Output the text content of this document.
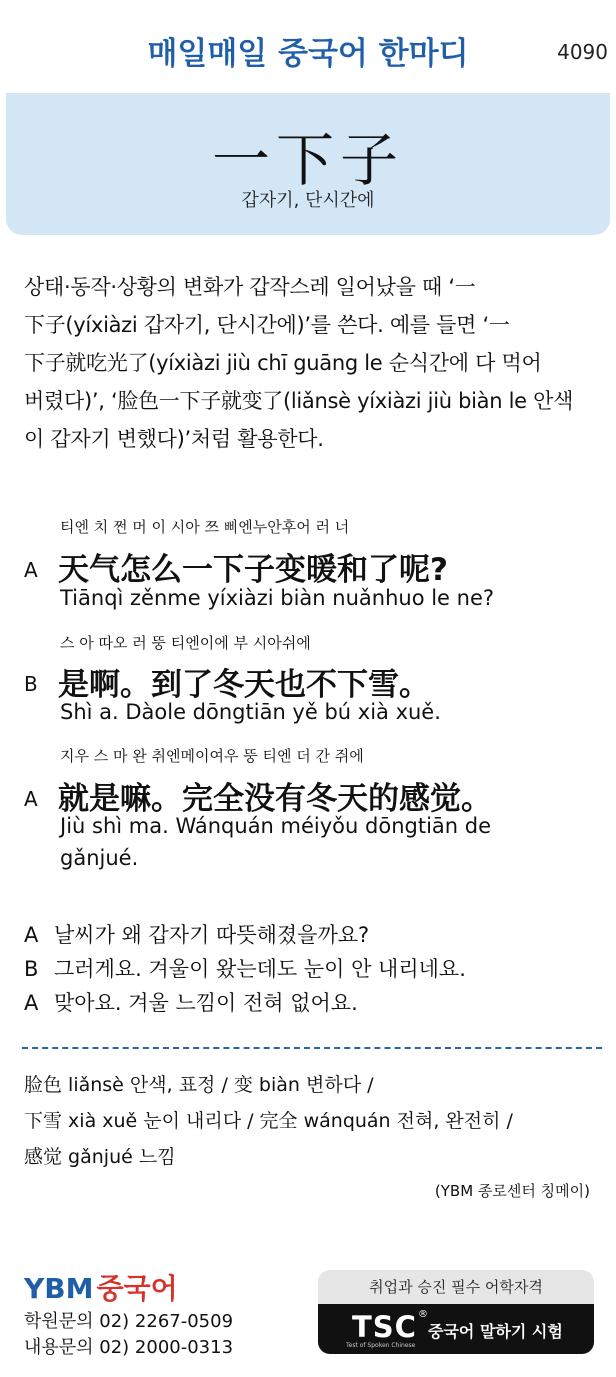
매일매일 중국어 한마디	4090
一下子
갑자기, 단시간에
상태·동작·상황의 변화가 갑작스레 일어났을 때 ‘一
下子(yíxiàzi 갑자기, 단시간에)’를 쓴다. 예를 들면 ‘一
下子就吃光了(yíxiàzi jiù chī guāng le 순식간에 다 먹어
버렸다)’, ‘脸色一下子就变了(liǎnsè yíxiàzi jiù biàn le 안색
이 갑자기 변했다)’처럼 활용한다.
티엔 치 쩐 머 이 시아 쯔 삐엔누안후어 러 너
A 天气怎么一下子变暖和了呢?
Tiānqì zěnme yíxiàzi biàn nuǎnhuo le ne?
스 아 따오 러 뚱 티엔이에 부 시아쉬에
B 是啊。到了冬天也不下雪。
Shì a. Dàole dōngtiān yě bú xià xuě.
지우 스 마 완 취엔메이여우 뚱 티엔 더 간 쥐에
A 就是嘛。完全没有冬天的感觉。
Jiù shì ma. Wánquán méiyǒu dōngtiān de gǎnjué.
A 날씨가 왜 갑자기 따뜻해졌을까요?
B 그러게요. 겨울이 왔는데도 눈이 안 내리네요.
A 맞아요. 겨울 느낌이 전혀 없어요.
脸色 liǎnsè 안색, 표정 / 变 biàn 변하다 /
下雪 xià xuě 눈이 내리다 / 完全 wánquán 전혀, 완전히 /
感觉 gǎnjué 느낌
(YBM 종로센터 칭메이)
YBM 중국어
학원문의 02) 2267-0509
내용문의 02) 2000-0313
취업과 승진 필수 어학자격
TSC ®
Test of Spoken Chinese
중국어 말하기 시험
